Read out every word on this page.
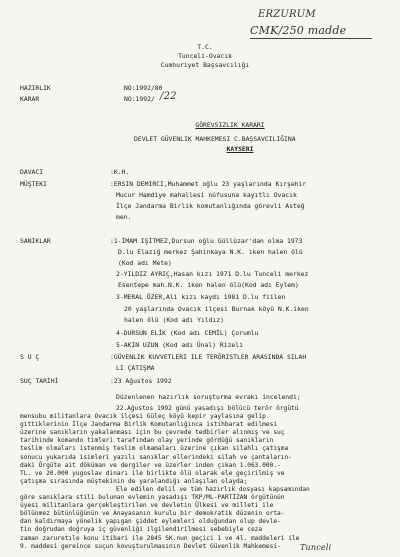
ERZURUM
CMK/250 madde
T.C.
Tunceli-Ovacık
Cumhuriyet Başsavcılığı
HAZIRLIK	NO:1992/80
KARAR	NO:1992/ /22
GÖREVSIZLIK KARARI
DEVLET GÜVENLIK MAHKEMESI C.BAŞSAVCILIĞINA
KAYSERI
DAVACI	:K.H.
MÜŞTEKI	:ERSIN DEMIRCI,Muhammet oğlu 23 yaşlarında Kırşehir
Mucur Hamdiye mahallesi nüfusuna kayıtlı Ovacık
İlçe Jandarma Birlik komutanlığında görevli Asteğ
men.
SANIKLAR	:1-İMAM IŞİTMEZ,Dursun oğlu Güllüzar'dan olma 1973
D.lu Elazığ merkez Şahinkaya N.K. iken halen ölü
(Kod adı Mete)
2-YILDIZ AYRIÇ,Hasan kızı 1971 D.lu Tunceli merkez
Esentepe mah.N.K. iken halen ölü(Kod adı Eylem)
3-MERAL ÖZER,Ali kızı kaydı 1981 D.lu fiilen
20 yaşlarında Ovacık ilçesi Burnak köyü N.K.iken
halen ölü (Kod adı Yıldız)
4-DURSUN ELİK (Kod adı CEMİL) Çorumlu
5-AKIN UZUN (Kod adı Ünal) Rizeli
S U Ç	:GÜVENLIK KUVVETLERI ILE TERÖRISTLER ARASINDA SILAH
LI ÇATIŞMA
SUÇ TARİHİ	:23 Ağustos 1992
Düzenlenen hazırlık soruşturma evrakı incelendi;

22.Ağustos 1992 günü yasadışı bölücü terör örgütü

mensubu militanlara Ovacık ilçesi Güleç köyü kepir yaylasına gelip

gittiklerinin İlçe Jandarma Birlik Komutanlığınca istihbarat edilmesi

üzerine sanıkların yakalanması için bu çevrede tedbirler alınmış ve suç

tarihinde komando timleri tarafından olay yerinde gördüğü sanıkların

teslim olmaları istenmiş teslim olmamaları üzerine çıkan silahlı çatışma

sonucu yukarıda isimleri yazılı sanıklar ellerindeki silah ve çantaların-

daki Örgüte ait döküman ve dergiler ve üzerler inden çıkan 1.063.000.-

TL. ve 20.000 yugoslav dinarı ile birlikte ölü olarak ele geçirilmiş ve

çatışma sırasında müştekinin de yaralandığı anlaşılan olayda;

Ele edilen delil ve tüm hazırlık dosyası kapsamından

göre sanıklara stili bulunan evlemin yasadışı TKP/ML-PARTİZAN örgütünün

üyesi militanlara gerçekleştirilen ve devletin Ülkesi ve milleti ile

bölünmez bütünlüğünün ve Anayasanın kurulu bir demokratik düzenin orta-

dan kaldırmaya yönelik yapıgan şiddet eylemleri olduğundan olup devle-

tin doğrudan doğruya iç güvenliği ilgilendirilmesi sebebiyle ceza

zaman zaruretıle konu itibari ile 2845 SK.nun geçici 1 ve 4l. maddeleri ile

9. maddesi gereince suçun kovuşturulmasının Devlet Güvenlik Mahkemesi-	Tunceli
